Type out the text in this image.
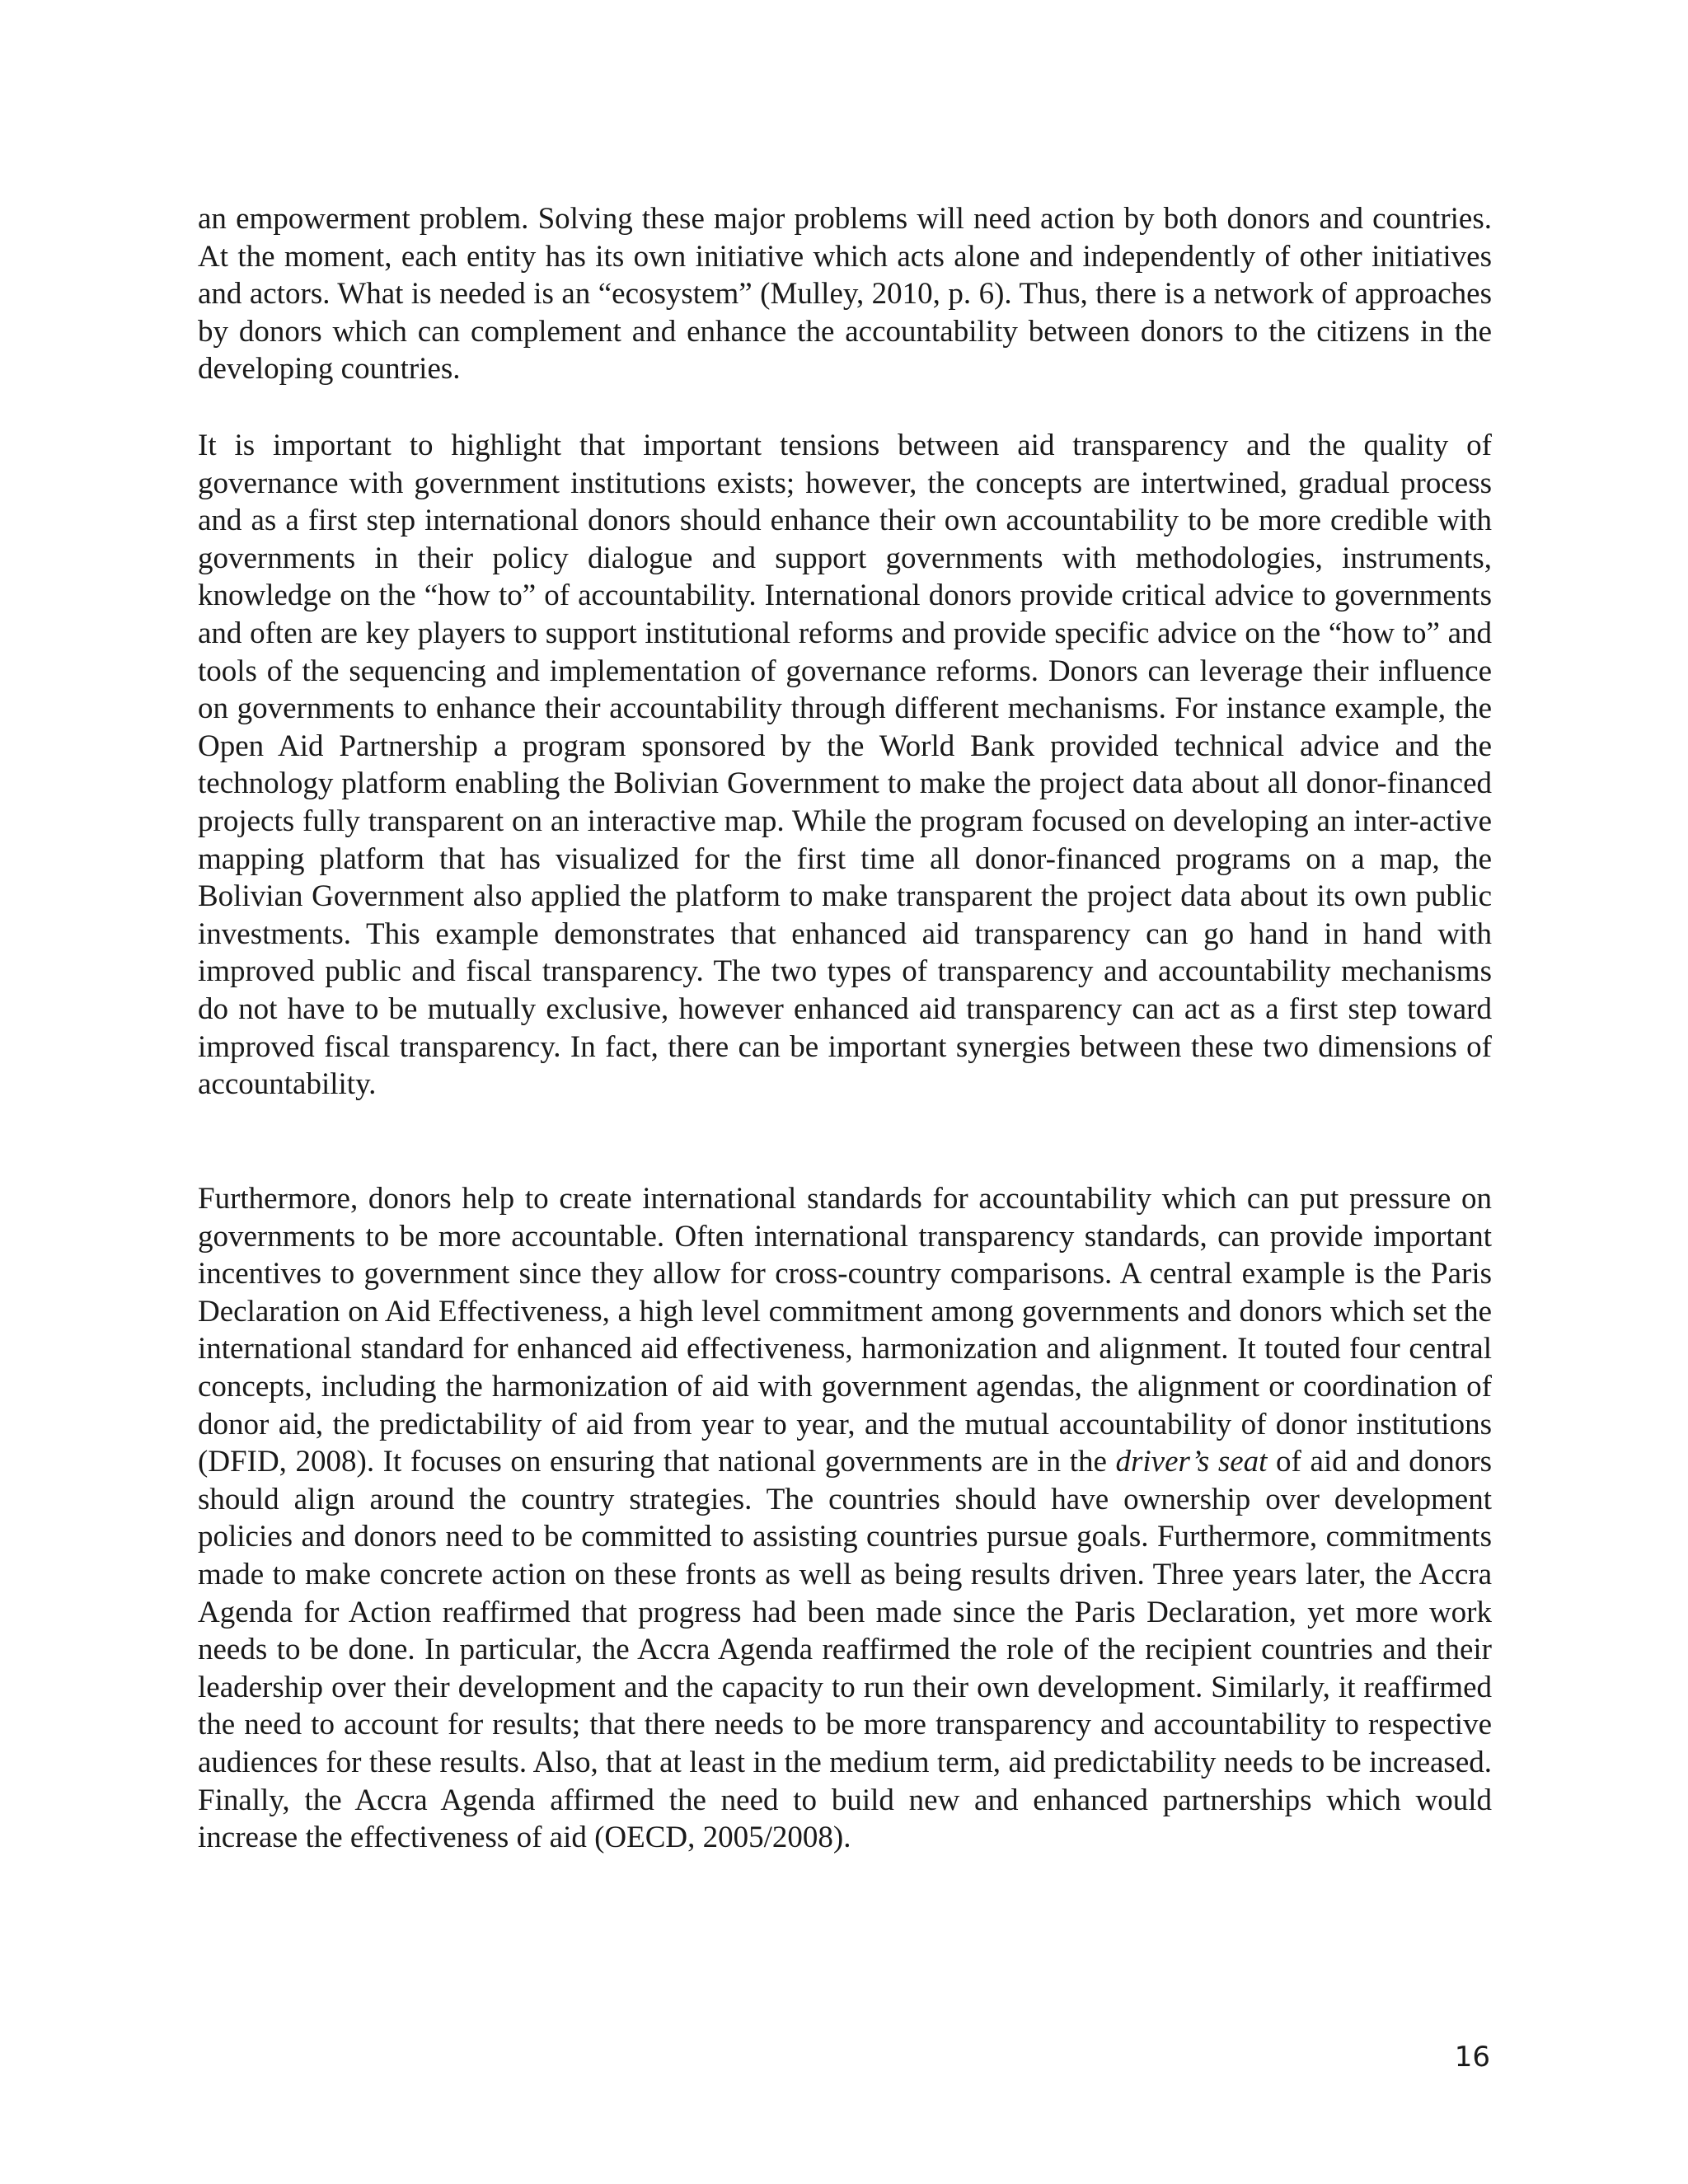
an empowerment problem. Solving these major problems will need action by both donors and countries. At the moment, each entity has its own initiative which acts alone and independently of other initiatives and actors. What is needed is an “ecosystem” (Mulley, 2010, p. 6). Thus, there is a network of approaches by donors which can complement and enhance the accountability between donors to the citizens in the developing countries.

It is important to highlight that important tensions between aid transparency and the quality of governance with government institutions exists; however, the concepts are intertwined, gradual process and as a first step international donors should enhance their own accountability to be more credible with governments in their policy dialogue and support governments with methodologies, instruments, knowledge on the “how to” of accountability. International donors provide critical advice to governments and often are key players to support institutional reforms and provide specific advice on the “how to” and tools of the sequencing and implementation of governance reforms. Donors can leverage their influence on governments to enhance their accountability through different mechanisms. For instance example, the Open Aid Partnership a program sponsored by the World Bank provided technical advice and the technology platform enabling the Bolivian Government to make the project data about all donor-financed projects fully transparent on an interactive map. While the program focused on developing an inter-active mapping platform that has visualized for the first time all donor-financed programs on a map, the Bolivian Government also applied the platform to make transparent the project data about its own public investments. This example demonstrates that enhanced aid transparency can go hand in hand with improved public and fiscal transparency. The two types of transparency and accountability mechanisms do not have to be mutually exclusive, however enhanced aid transparency can act as a first step toward improved fiscal transparency. In fact, there can be important synergies between these two dimensions of accountability.

Furthermore, donors help to create international standards for accountability which can put pressure on governments to be more accountable. Often international transparency standards, can provide important incentives to government since they allow for cross-country comparisons. A central example is the Paris Declaration on Aid Effectiveness, a high level commitment among governments and donors which set the international standard for enhanced aid effectiveness, harmonization and alignment. It touted four central concepts, including the harmonization of aid with government agendas, the alignment or coordination of donor aid, the predictability of aid from year to year, and the mutual accountability of donor institutions (DFID, 2008). It focuses on ensuring that national governments are in the driver’s seat of aid and donors should align around the country strategies. The countries should have ownership over development policies and donors need to be committed to assisting countries pursue goals. Furthermore, commitments made to make concrete action on these fronts as well as being results driven. Three years later, the Accra Agenda for Action reaffirmed that progress had been made since the Paris Declaration, yet more work needs to be done. In particular, the Accra Agenda reaffirmed the role of the recipient countries and their leadership over their development and the capacity to run their own development. Similarly, it reaffirmed the need to account for results; that there needs to be more transparency and accountability to respective audiences for these results. Also, that at least in the medium term, aid predictability needs to be increased. Finally, the Accra Agenda affirmed the need to build new and enhanced partnerships which would increase the effectiveness of aid (OECD, 2005/2008).

16
